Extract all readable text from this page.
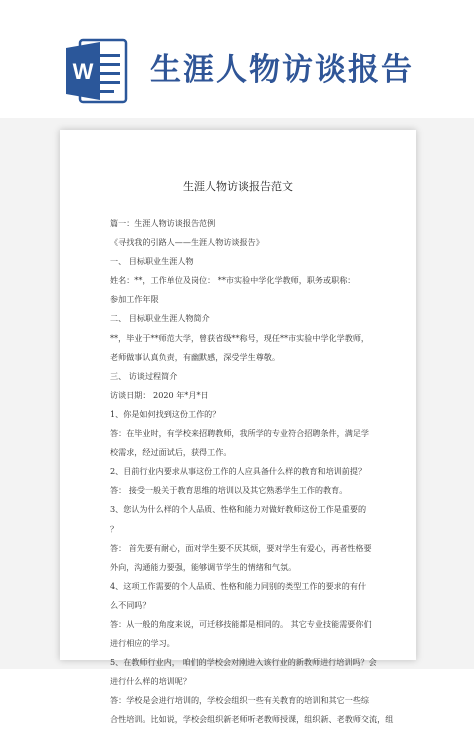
W 生涯人物访谈报告
生涯人物访谈报告范文
篇一：生涯人物访谈报告范例
《寻找我的引路人——生涯人物访谈报告》
一、 目标职业生涯人物
姓名：**，工作单位及岗位： **市实验中学化学教师，职务或职称：
参加工作年限
二、 目标职业生涯人物简介
**，毕业于**师范大学，曾获省级**称号，现任**市实验中学化学教师，
老师做事认真负责，有幽默感，深受学生尊敬。
三、 访谈过程简介
访谈日期： 2020 年*月*日
1、你是如何找到这份工作的？
答：在毕业时，有学校来招聘教师，我所学的专业符合招聘条件，满足学
校需求，经过面试后，获得工作。
2、目前行业内要求从事这份工作的人应具备什么样的教育和培训前提？
答： 接受一般关于教育思维的培训以及其它熟悉学生工作的教育。
3、您认为什么样的个人品质、性格和能力对做好教师这份工作是重要的
？
答： 首先要有耐心，面对学生要不厌其烦，要对学生有爱心，再者性格要
外向，沟通能力要强，能够调节学生的情绪和气氛。
4、这项工作需要的个人品质、性格和能力同别的类型工作的要求的有什
么不同吗？
答：从一般的角度来说，可迁移技能都是相同的。 其它专业技能需要你们
进行相应的学习。
5、在教师行业内， 咱们的学校会对刚进入该行业的新教师进行培训吗？会
进行什么样的培训呢？
答：学校是会进行培训的，学校会组织一些有关教育的培训和其它一些综
合性培训。比如说，学校会组织新老师听老教师授课，组织新、老教师交流，组
